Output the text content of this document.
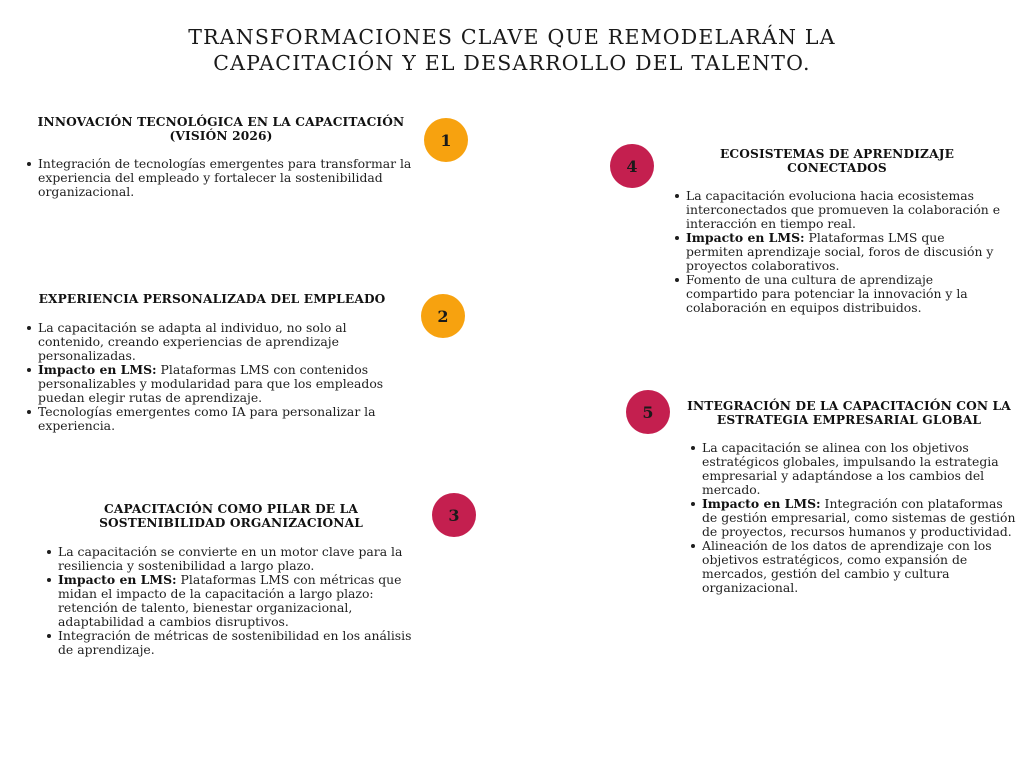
TRANSFORMACIONES CLAVE QUE REMODELARÁN LA
CAPACITACIÓN Y EL DESARROLLO DEL TALENTO.
1
INNOVACIÓN TECNOLÓGICA EN LA CAPACITACIÓN
(VISIÓN 2026)
Integración de tecnologías emergentes para transformar la experiencia del empleado y fortalecer la sostenibilidad organizacional.
2
EXPERIENCIA PERSONALIZADA DEL EMPLEADO
La capacitación se adapta al individuo, no solo al contenido, creando experiencias de aprendizaje personalizadas.
Impacto en LMS: Plataformas LMS con contenidos personalizables y modularidad para que los empleados puedan elegir rutas de aprendizaje.
Tecnologías emergentes como IA para personalizar la experiencia.
3
CAPACITACIÓN COMO PILAR DE LA
SOSTENIBILIDAD ORGANIZACIONAL
La capacitación se convierte en un motor clave para la resiliencia y sostenibilidad a largo plazo.
Impacto en LMS: Plataformas LMS con métricas que midan el impacto de la capacitación a largo plazo: retención de talento, bienestar organizacional, adaptabilidad a cambios disruptivos.
Integración de métricas de sostenibilidad en los análisis de aprendizaje.
4
ECOSISTEMAS DE APRENDIZAJE
CONECTADOS
La capacitación evoluciona hacia ecosistemas interconectados que promueven la colaboración e interacción en tiempo real.
Impacto en LMS: Plataformas LMS que permiten aprendizaje social, foros de discusión y proyectos colaborativos.
Fomento de una cultura de aprendizaje compartido para potenciar la innovación y la colaboración en equipos distribuidos.
5	INTEGRACIÓN DE LA CAPACITACIÓN CON LA
ESTRATEGIA EMPRESARIAL GLOBAL
La capacitación se alinea con los objetivos estratégicos globales, impulsando la estrategia empresarial y adaptándose a los cambios del mercado.
Impacto en LMS: Integración con plataformas de gestión empresarial, como sistemas de gestión de proyectos, recursos humanos y productividad.
Alineación de los datos de aprendizaje con los objetivos estratégicos, como expansión de mercados, gestión del cambio y cultura organizacional.
